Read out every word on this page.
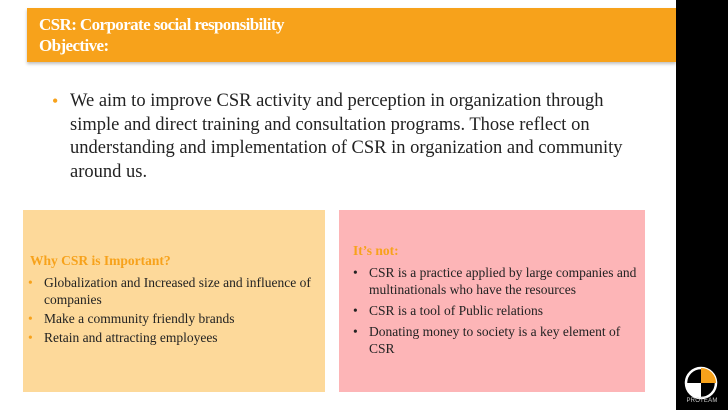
CSR: Corporate social responsibility
Objective:
• We aim to improve CSR activity and perception in organization through simple and direct training and consultation programs. Those reflect on understanding and implementation of CSR in organization and community around us.
Why CSR is Important?
• Globalization and Increased size and influence of companies
• Make a community friendly brands
• Retain and attracting employees
It’s not:
• CSR is a practice applied by large companies and multinationals who have the resources
• CSR is a tool of Public relations
• Donating money to society is a key element of CSR
PROTEAM
